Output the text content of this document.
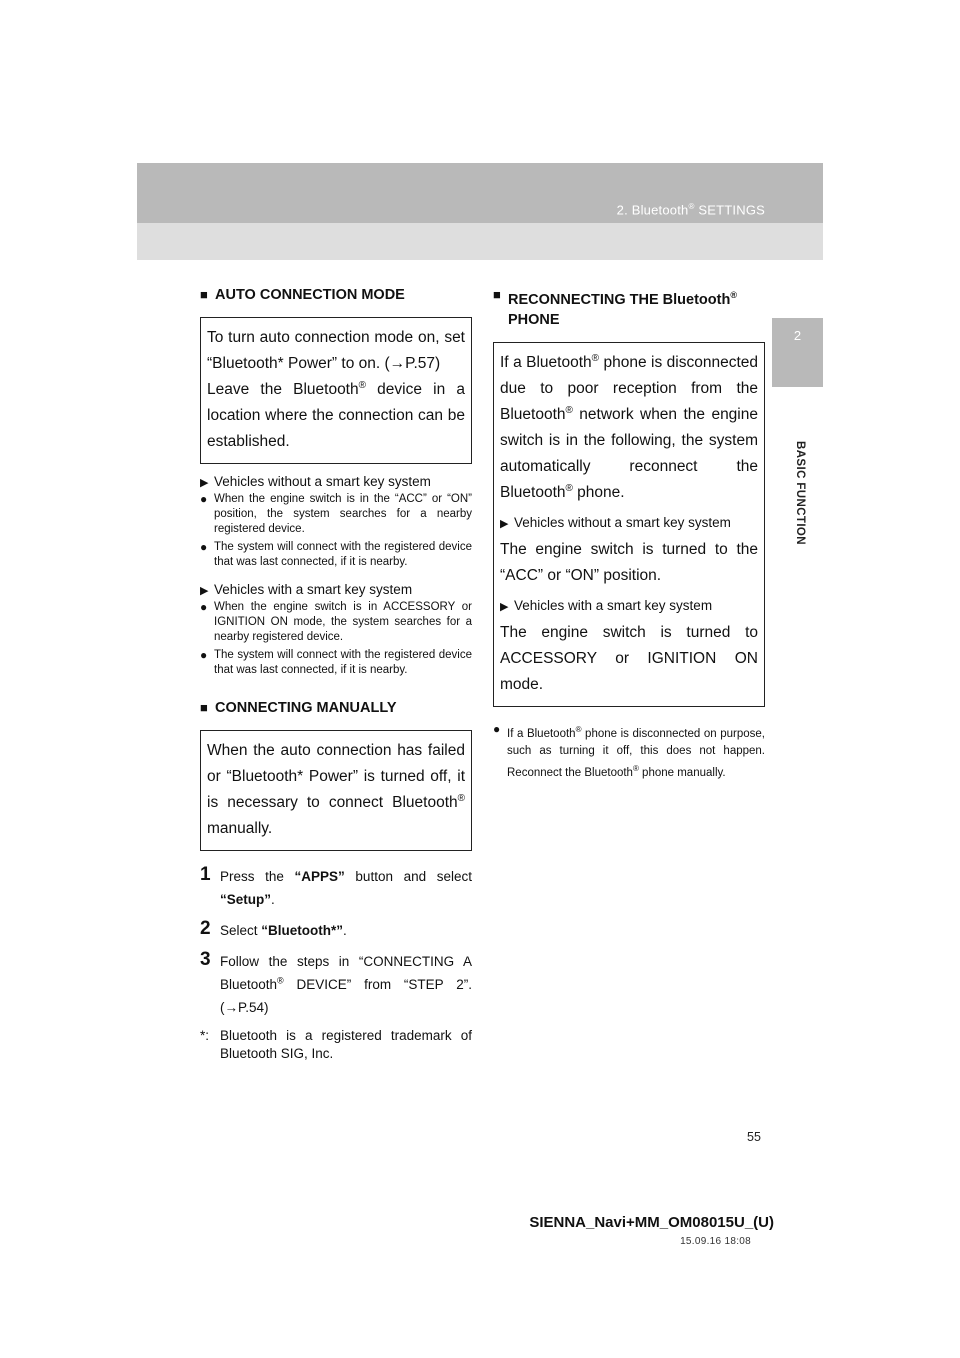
2. Bluetooth® SETTINGS
2
BASIC FUNCTION
■ AUTO CONNECTION MODE
To turn auto connection mode on, set “Bluetooth* Power” to on. (→P.57)
Leave the Bluetooth® device in a location where the connection can be established.
▶ Vehicles without a smart key system
● When the engine switch is in the “ACC” or “ON” position, the system searches for a nearby registered device.
● The system will connect with the registered device that was last connected, if it is nearby.
▶ Vehicles with a smart key system
● When the engine switch is in ACCESSORY or IGNITION ON mode, the system searches for a nearby registered device.
● The system will connect with the registered device that was last connected, if it is nearby.
■ CONNECTING MANUALLY
When the auto connection has failed or “Bluetooth* Power” is turned off, it is necessary to connect Bluetooth® manually.
1 Press the “APPS” button and select “Setup”.
2 Select “Bluetooth*”.
3 Follow the steps in “CONNECTING A Bluetooth® DEVICE” from “STEP 2”. (→P.54)
*: Bluetooth is a registered trademark of Bluetooth SIG, Inc.
■ RECONNECTING THE Bluetooth®
PHONE
If a Bluetooth® phone is disconnected due to poor reception from the Bluetooth® network when the engine switch is in the following, the system automatically reconnect the Bluetooth® phone.
▶ Vehicles without a smart key system
The engine switch is turned to the “ACC” or “ON” position.
▶ Vehicles with a smart key system
The engine switch is turned to ACCESSORY or IGNITION ON mode.
● If a Bluetooth® phone is disconnected on purpose, such as turning it off, this does not happen. Reconnect the Bluetooth® phone manually.
55
SIENNA_Navi+MM_OM08015U_(U)
15.09.16 18:08
